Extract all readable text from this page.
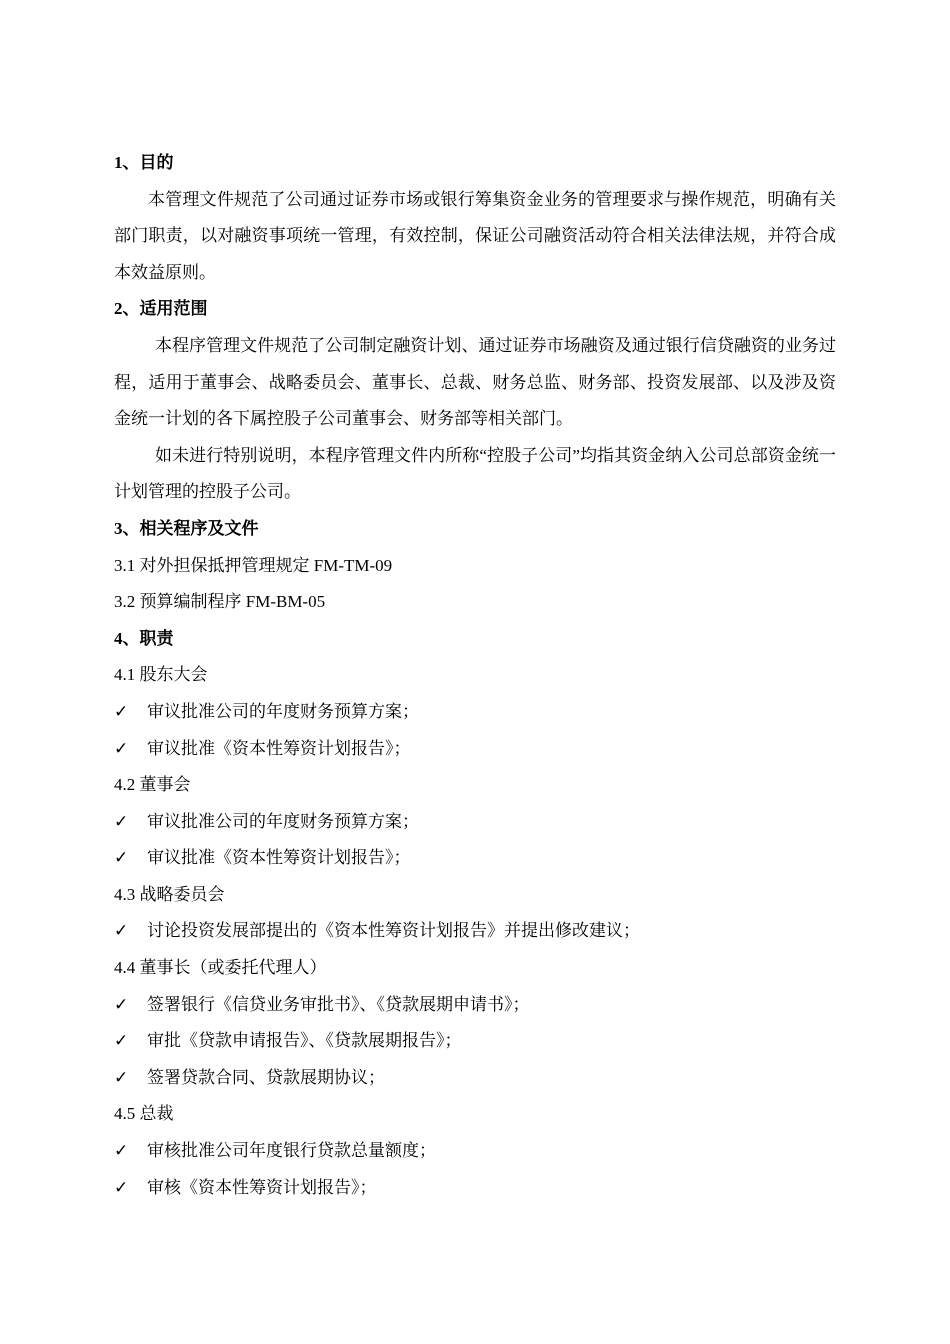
1、目的
本管理文件规范了公司通过证券市场或银行筹集资金业务的管理要求与操作规范，明确有关部门职责，以对融资事项统一管理，有效控制，保证公司融资活动符合相关法律法规，并符合成本效益原则。
2、适用范围
本程序管理文件规范了公司制定融资计划、通过证券市场融资及通过银行信贷融资的业务过程，适用于董事会、战略委员会、董事长、总裁、财务总监、财务部、投资发展部、以及涉及资金统一计划的各下属控股子公司董事会、财务部等相关部门。
如未进行特别说明，本程序管理文件内所称“控股子公司”均指其资金纳入公司总部资金统一计划管理的控股子公司。
3、相关程序及文件
3.1 对外担保抵押管理规定 FM-TM-09
3.2 预算编制程序 FM-BM-05
4、职责
4.1 股东大会
✓ 审议批准公司的年度财务预算方案；
✓ 审议批准《资本性筹资计划报告》；
4.2 董事会
✓ 审议批准公司的年度财务预算方案；
✓ 审议批准《资本性筹资计划报告》；
4.3 战略委员会
✓ 讨论投资发展部提出的《资本性筹资计划报告》并提出修改建议；
4.4 董事长（或委托代理人）
✓ 签署银行《信贷业务审批书》、《贷款展期申请书》；
✓ 审批《贷款申请报告》、《贷款展期报告》；
✓ 签署贷款合同、贷款展期协议；
4.5 总裁
✓ 审核批准公司年度银行贷款总量额度；
✓ 审核《资本性筹资计划报告》；
